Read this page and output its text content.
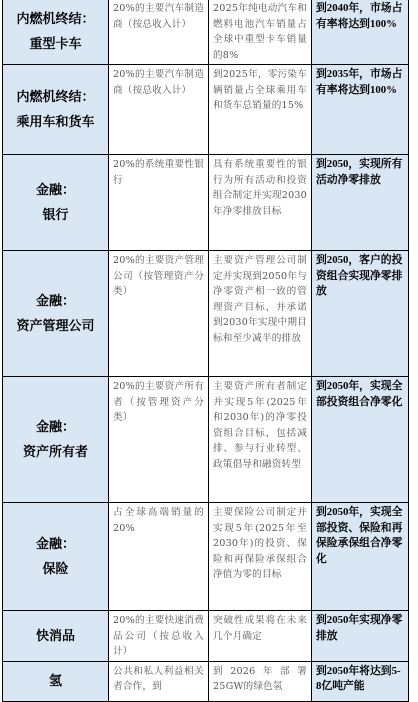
内燃机终结：
重型卡车	20%的主要汽车制造商（按总收入计）	2025年纯电动汽车和燃料电池汽车销量占全球中重型卡车销量的8%	到2040年，市场占有率将达到100%

内燃机终结：
乘用车和货车	20%的主要汽车制造商（按总收入计）	到2025年，零污染车辆销量占全球乘用车和货车总销量的15%	到2035年，市场占有率将达到100%

金融：
银行	20%的系统重要性银行	具有系统重要性的银行为所有活动和投资组合制定并实现2030年净零排放目标	到2050，实现所有活动净零排放

金融：
资产管理公司	20%的主要资产管理公司（按管理资产分类）	主要资产管理公司制定并实现到2050年与净零资产相一致的管理资产目标，并承诺到2030年实现中期目标和至少减半的排放	到2050，客户的投资组合实现净零排放

金融：
资产所有者	20%的主要资产所有者（按管理资产分类）	主要资产所有者制定并实现5年(2025年和2030年)的净零投资组合目标，包括减排、参与行业转型、政策倡导和融资转型	到2050年，实现全部投资组合净零化

金融：
保险	占全球高端销量的20%	主要保险公司制定并实现5年(2025年至2030年)的投资、保险和再保险承保组合净值为零的目标	到2050年，实现全部投资、保险和再保险承保组合净零化

快消品	20%的主要快速消费品公司（按总收入计）	突破性成果将在未来几个月确定	到2050年实现净零排放

氢	公共和私人利益相关者合作，到	到2026年部署25GW的绿色氢	到2050年将达到5-8亿吨产能
